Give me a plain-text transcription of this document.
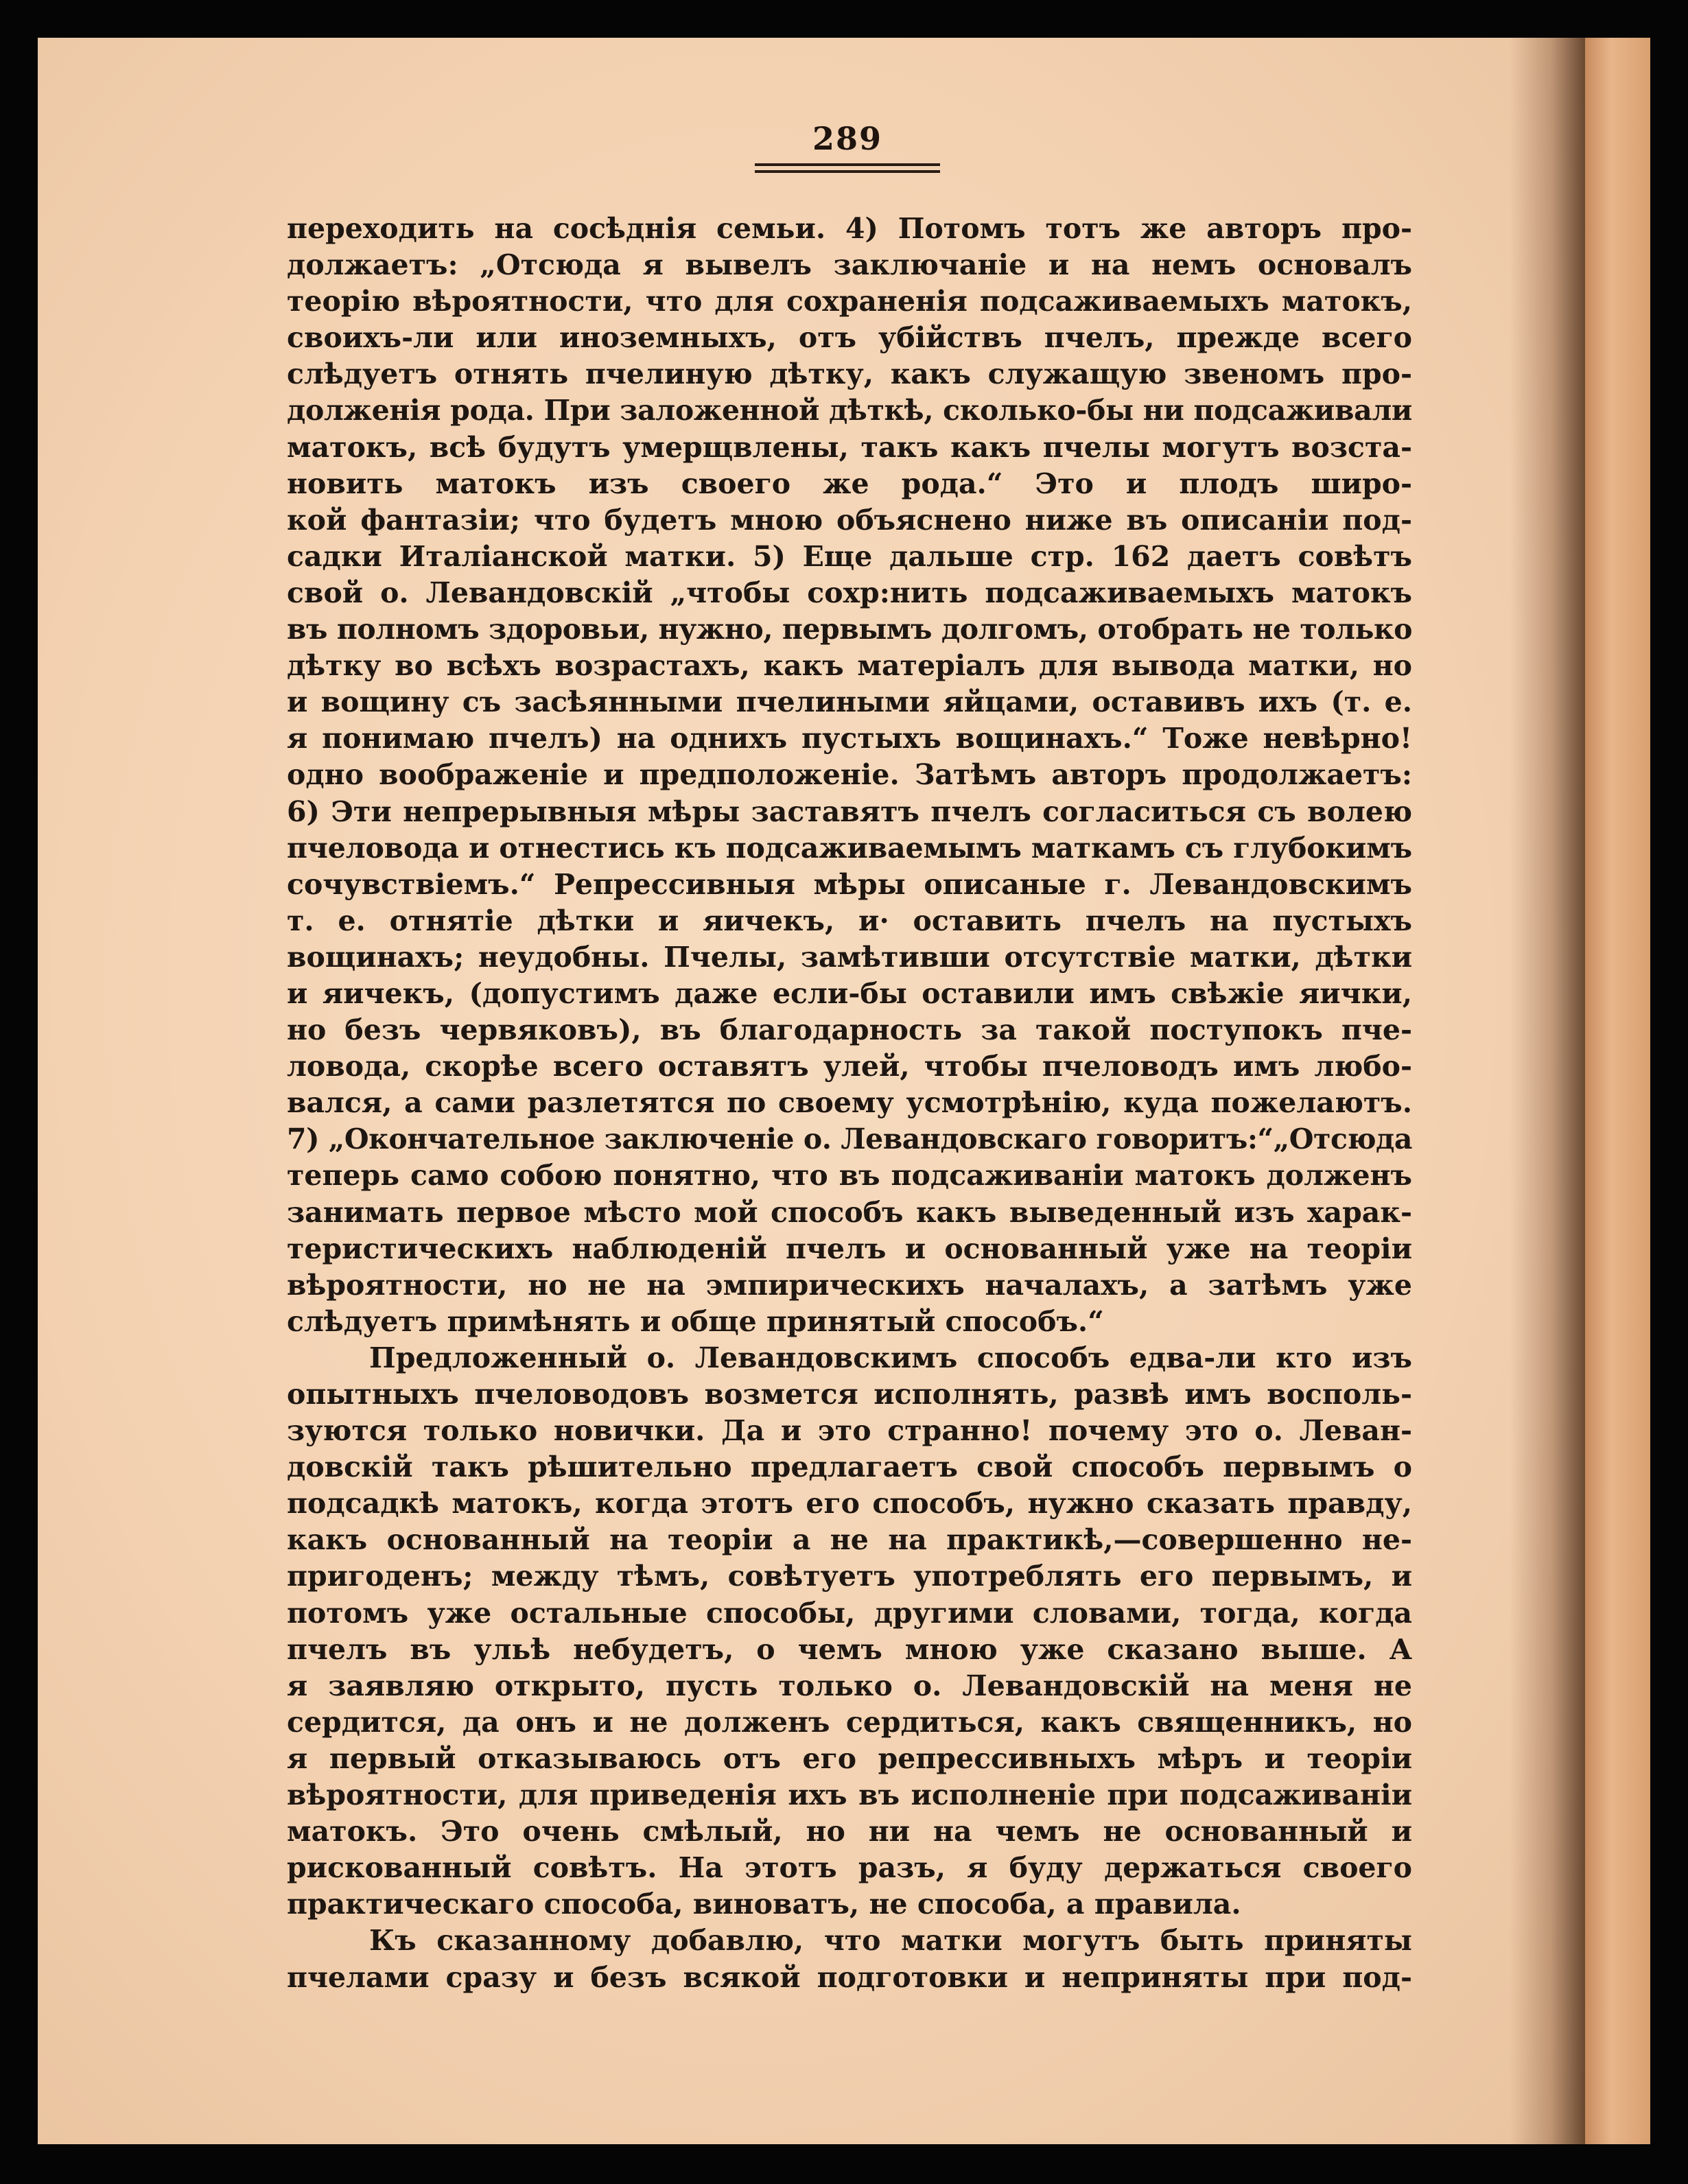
289
переходить на сосѣднія семьи. 4) Потомъ тотъ же авторъ про-
должаетъ: „Отсюда я вывелъ заключаніе и на немъ основалъ
теорію вѣроятности, что для сохраненія подсаживаемыхъ матокъ,
своихъ-ли или иноземныхъ, отъ убійствъ пчелъ, прежде всего
слѣдуетъ отнять пчелиную дѣтку, какъ служащую звеномъ про-
долженія рода. При заложенной дѣткѣ, сколько-бы ни подсаживали
матокъ, всѣ будутъ умерщвлены, такъ какъ пчелы могутъ возста-
новить матокъ изъ своего же рода.“ Это и плодъ широ-
кой фантазіи; что будетъ мною объяснено ниже въ описаніи под-
садки Италіанской матки. 5) Еще дальше стр. 162 даетъ совѣтъ
свой о. Левандовскій „чтобы сохр:нить подсаживаемыхъ матокъ
въ полномъ здоровьи, нужно, первымъ долгомъ, отобрать не только
дѣтку во всѣхъ возрастахъ, какъ матеріалъ для вывода матки, но
и вощину съ засѣянными пчелиными яйцами, оставивъ ихъ (т. е.
я понимаю пчелъ) на однихъ пустыхъ вощинахъ.“ Тоже невѣрно!
одно воображеніе и предположеніе. Затѣмъ авторъ продолжаетъ:
6) Эти непрерывныя мѣры заставятъ пчелъ согласиться съ волею
пчеловода и отнестись къ подсаживаемымъ маткамъ съ глубокимъ
сочувствіемъ.“ Репрессивныя мѣры описаные г. Левандовскимъ
т. е. отнятіе дѣтки и яичекъ, и· оставить пчелъ на пустыхъ
вощинахъ; неудобны. Пчелы, замѣтивши отсутствіе матки, дѣтки
и яичекъ, (допустимъ даже если-бы оставили имъ свѣжіе яички,
но безъ червяковъ), въ благодарность за такой поступокъ пче-
ловода, скорѣе всего оставятъ улей, чтобы пчеловодъ имъ любо-
вался, а сами разлетятся по своему усмотрѣнію, куда пожелаютъ.
7) „Окончательное заключеніе о. Левандовскаго говоритъ:“„Отсюда
теперь само собою понятно, что въ подсаживаніи матокъ долженъ
занимать первое мѣсто мой способъ какъ выведенный изъ харак-
теристическихъ наблюденій пчелъ и основанный уже на теоріи
вѣроятности, но не на эмпирическихъ началахъ, а затѣмъ уже
слѣдуетъ примѣнять и обще принятый способъ.“
Предложенный о. Левандовскимъ способъ едва-ли кто изъ
опытныхъ пчеловодовъ возмется исполнять, развѣ имъ восполь-
зуются только новички. Да и это странно! почему это о. Леван-
довскій такъ рѣшительно предлагаетъ свой способъ первымъ о
подсадкѣ матокъ, когда этотъ его способъ, нужно сказать правду,
какъ основанный на теоріи а не на практикѣ,—совершенно не-
пригоденъ; между тѣмъ, совѣтуетъ употреблять его первымъ, и
потомъ уже остальные способы, другими словами, тогда, когда
пчелъ въ ульѣ небудетъ, о чемъ мною уже сказано выше. А
я заявляю открыто, пусть только о. Левандовскій на меня не
сердится, да онъ и не долженъ сердиться, какъ священникъ, но
я первый отказываюсь отъ его репрессивныхъ мѣръ и теоріи
вѣроятности, для приведенія ихъ въ исполненіе при подсаживаніи
матокъ. Это очень смѣлый, но ни на чемъ не основанный и
рискованный совѣтъ. На этотъ разъ, я буду держаться своего
практическаго способа, виноватъ, не способа, а правила.
Къ сказанному добавлю, что матки могутъ быть приняты
пчелами сразу и безъ всякой подготовки и неприняты при под-
